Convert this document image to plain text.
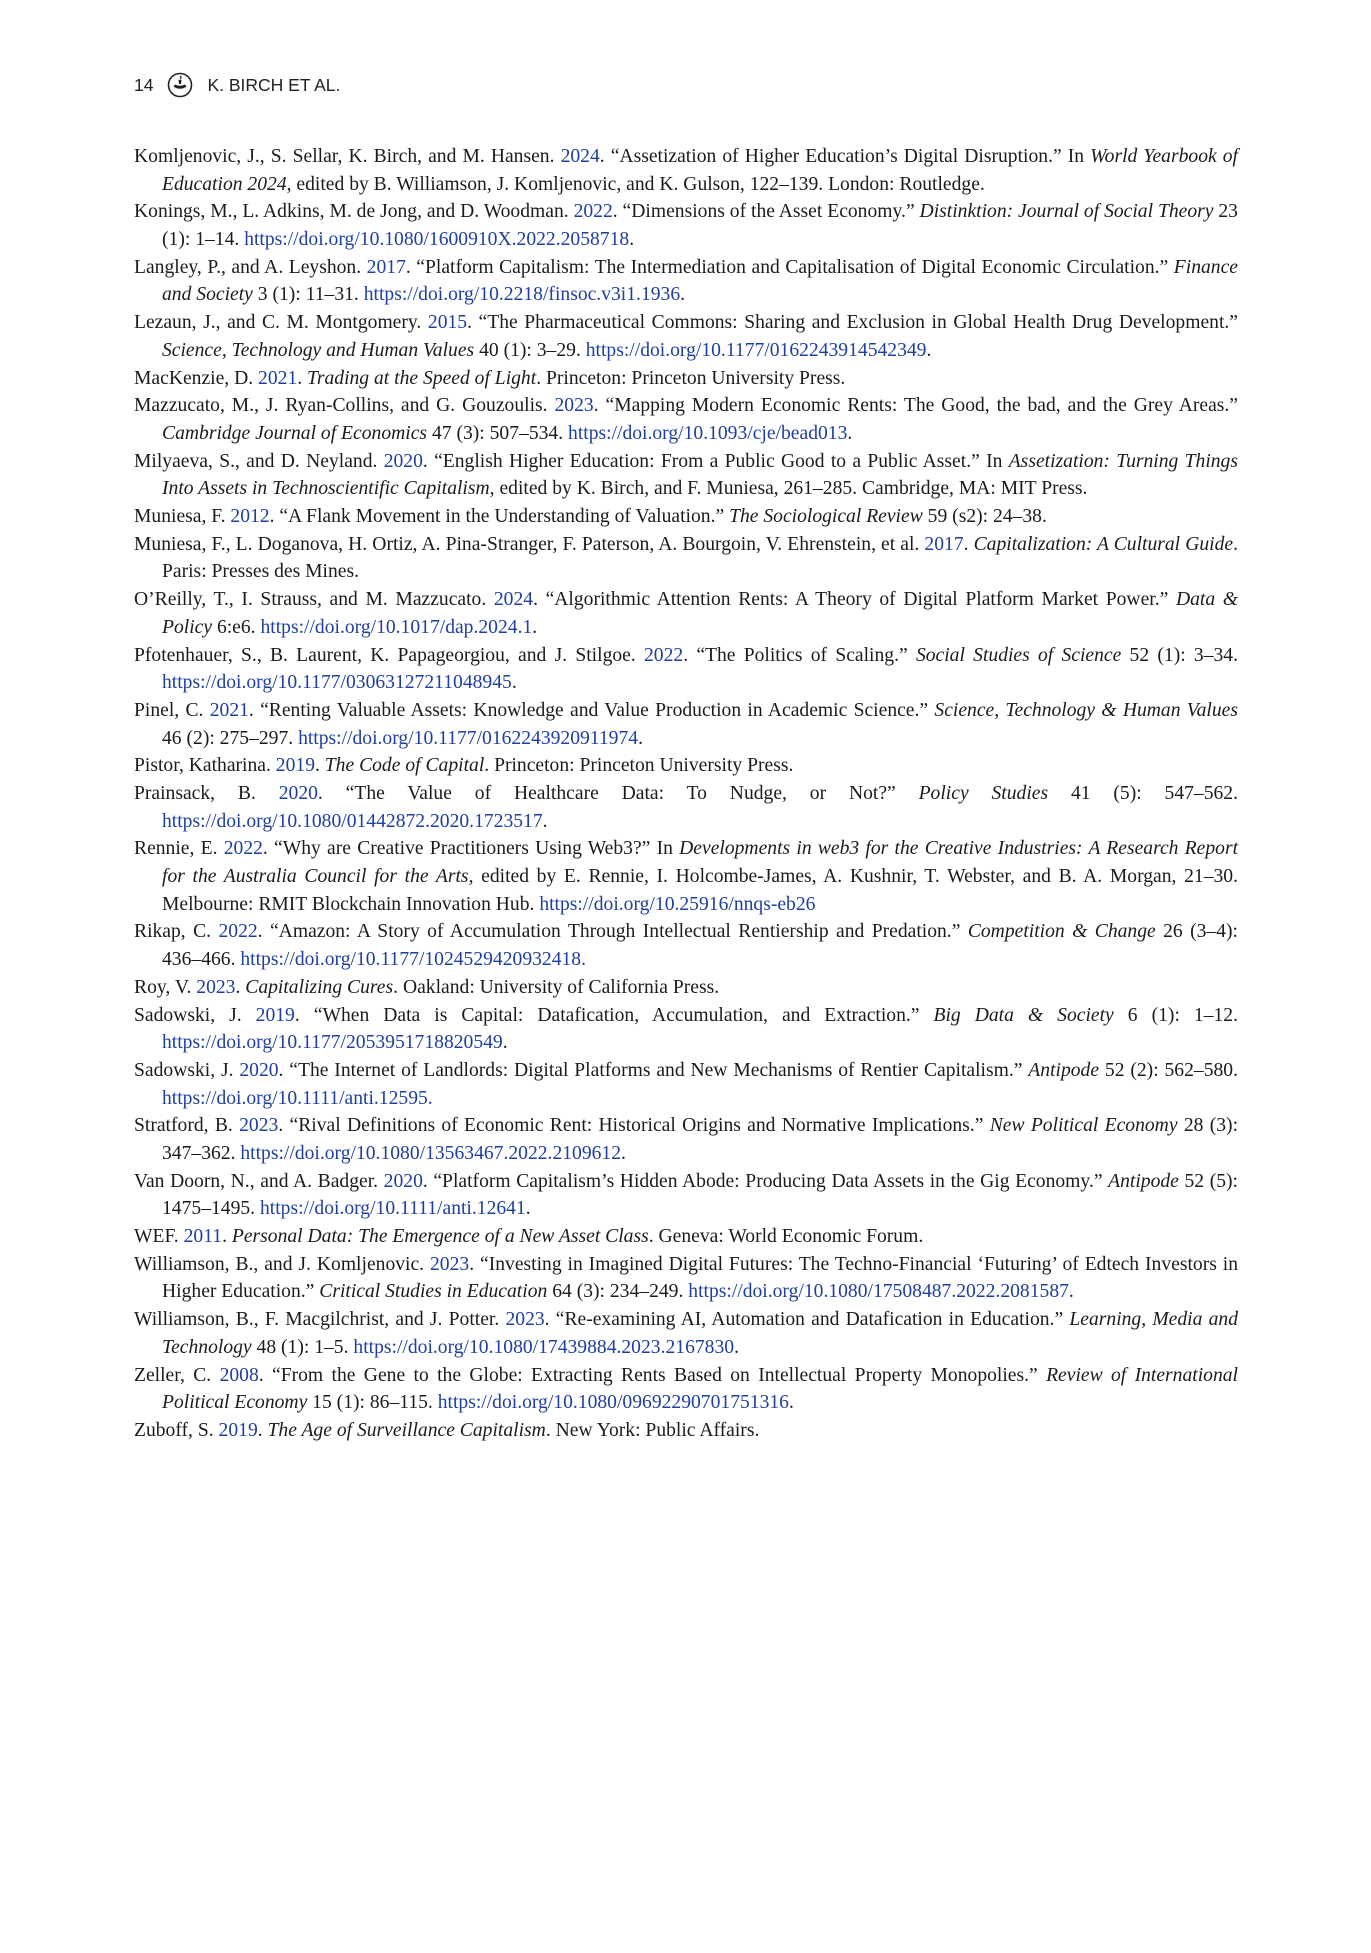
14	K. BIRCH ET AL.
Komljenovic, J., S. Sellar, K. Birch, and M. Hansen. 2024. “Assetization of Higher Education’s Digital Disruption.” In World Yearbook of Education 2024, edited by B. Williamson, J. Komljenovic, and K. Gulson, 122–139. London: Routledge.
Konings, M., L. Adkins, M. de Jong, and D. Woodman. 2022. “Dimensions of the Asset Economy.” Distinktion: Journal of Social Theory 23 (1): 1–14. https://doi.org/10.1080/1600910X.2022.2058718.
Langley, P., and A. Leyshon. 2017. “Platform Capitalism: The Intermediation and Capitalisation of Digital Economic Circulation.” Finance and Society 3 (1): 11–31. https://doi.org/10.2218/finsoc.v3i1.1936.
Lezaun, J., and C. M. Montgomery. 2015. “The Pharmaceutical Commons: Sharing and Exclusion in Global Health Drug Development.” Science, Technology and Human Values 40 (1): 3–29. https://doi.org/10.1177/0162243914542349.
MacKenzie, D. 2021. Trading at the Speed of Light. Princeton: Princeton University Press.
Mazzucato, M., J. Ryan-Collins, and G. Gouzoulis. 2023. “Mapping Modern Economic Rents: The Good, the bad, and the Grey Areas.” Cambridge Journal of Economics 47 (3): 507–534. https://doi.org/10.1093/cje/bead013.
Milyaeva, S., and D. Neyland. 2020. “English Higher Education: From a Public Good to a Public Asset.” In Assetization: Turning Things Into Assets in Technoscientific Capitalism, edited by K. Birch, and F. Muniesa, 261–285. Cambridge, MA: MIT Press.
Muniesa, F. 2012. “A Flank Movement in the Understanding of Valuation.” The Sociological Review 59 (s2): 24–38.
Muniesa, F., L. Doganova, H. Ortiz, A. Pina-Stranger, F. Paterson, A. Bourgoin, V. Ehrenstein, et al. 2017. Capitalization: A Cultural Guide. Paris: Presses des Mines.
O’Reilly, T., I. Strauss, and M. Mazzucato. 2024. “Algorithmic Attention Rents: A Theory of Digital Platform Market Power.” Data & Policy 6:e6. https://doi.org/10.1017/dap.2024.1.
Pfotenhauer, S., B. Laurent, K. Papageorgiou, and J. Stilgoe. 2022. “The Politics of Scaling.” Social Studies of Science 52 (1): 3–34. https://doi.org/10.1177/03063127211048945.
Pinel, C. 2021. “Renting Valuable Assets: Knowledge and Value Production in Academic Science.” Science, Technology & Human Values 46 (2): 275–297. https://doi.org/10.1177/0162243920911974.
Pistor, Katharina. 2019. The Code of Capital. Princeton: Princeton University Press.
Prainsack, B. 2020. “The Value of Healthcare Data: To Nudge, or Not?” Policy Studies 41 (5): 547–562. https://doi.org/10.1080/01442872.2020.1723517.
Rennie, E. 2022. “Why are Creative Practitioners Using Web3?” In Developments in web3 for the Creative Industries: A Research Report for the Australia Council for the Arts, edited by E. Rennie, I. Holcombe-James, A. Kushnir, T. Webster, and B. A. Morgan, 21–30. Melbourne: RMIT Blockchain Innovation Hub. https://doi.org/10.25916/nnqs-eb26
Rikap, C. 2022. “Amazon: A Story of Accumulation Through Intellectual Rentiership and Predation.” Competition & Change 26 (3–4): 436–466. https://doi.org/10.1177/1024529420932418.
Roy, V. 2023. Capitalizing Cures. Oakland: University of California Press.
Sadowski, J. 2019. “When Data is Capital: Datafication, Accumulation, and Extraction.” Big Data & Society 6 (1): 1–12. https://doi.org/10.1177/2053951718820549.
Sadowski, J. 2020. “The Internet of Landlords: Digital Platforms and New Mechanisms of Rentier Capitalism.” Antipode 52 (2): 562–580. https://doi.org/10.1111/anti.12595.
Stratford, B. 2023. “Rival Definitions of Economic Rent: Historical Origins and Normative Implications.” New Political Economy 28 (3): 347–362. https://doi.org/10.1080/13563467.2022.2109612.
Van Doorn, N., and A. Badger. 2020. “Platform Capitalism’s Hidden Abode: Producing Data Assets in the Gig Economy.” Antipode 52 (5): 1475–1495. https://doi.org/10.1111/anti.12641.
WEF. 2011. Personal Data: The Emergence of a New Asset Class. Geneva: World Economic Forum.
Williamson, B., and J. Komljenovic. 2023. “Investing in Imagined Digital Futures: The Techno-Financial ‘Futuring’ of Edtech Investors in Higher Education.” Critical Studies in Education 64 (3): 234–249. https://doi.org/10.1080/17508487.2022.2081587.
Williamson, B., F. Macgilchrist, and J. Potter. 2023. “Re-examining AI, Automation and Datafication in Education.” Learning, Media and Technology 48 (1): 1–5. https://doi.org/10.1080/17439884.2023.2167830.
Zeller, C. 2008. “From the Gene to the Globe: Extracting Rents Based on Intellectual Property Monopolies.” Review of International Political Economy 15 (1): 86–115. https://doi.org/10.1080/09692290701751316.
Zuboff, S. 2019. The Age of Surveillance Capitalism. New York: Public Affairs.
